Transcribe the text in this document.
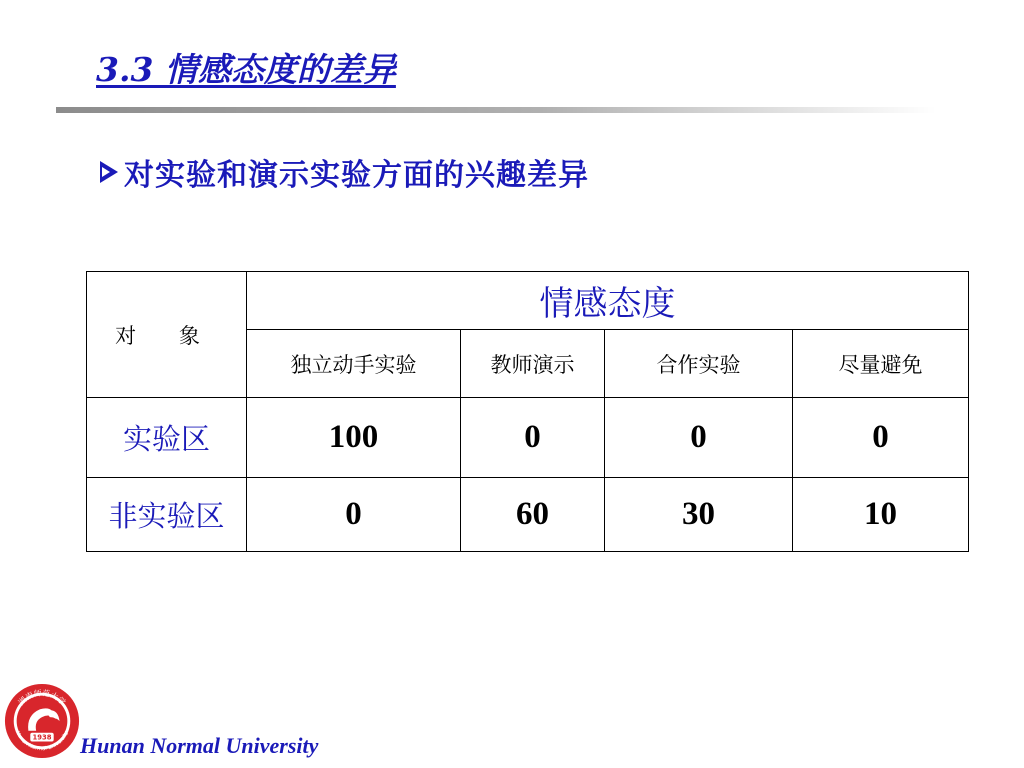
3.3 情感态度的差异
对实验和演示实验方面的兴趣差异
对 象	情感态度			
	独立动手实验	教师演示	合作实验	尽量避免
实验区	100	0	0	0
非实验区	0	60	30	10
湖南师范大学
Hunan Normal University
1938 Hunan Normal University
